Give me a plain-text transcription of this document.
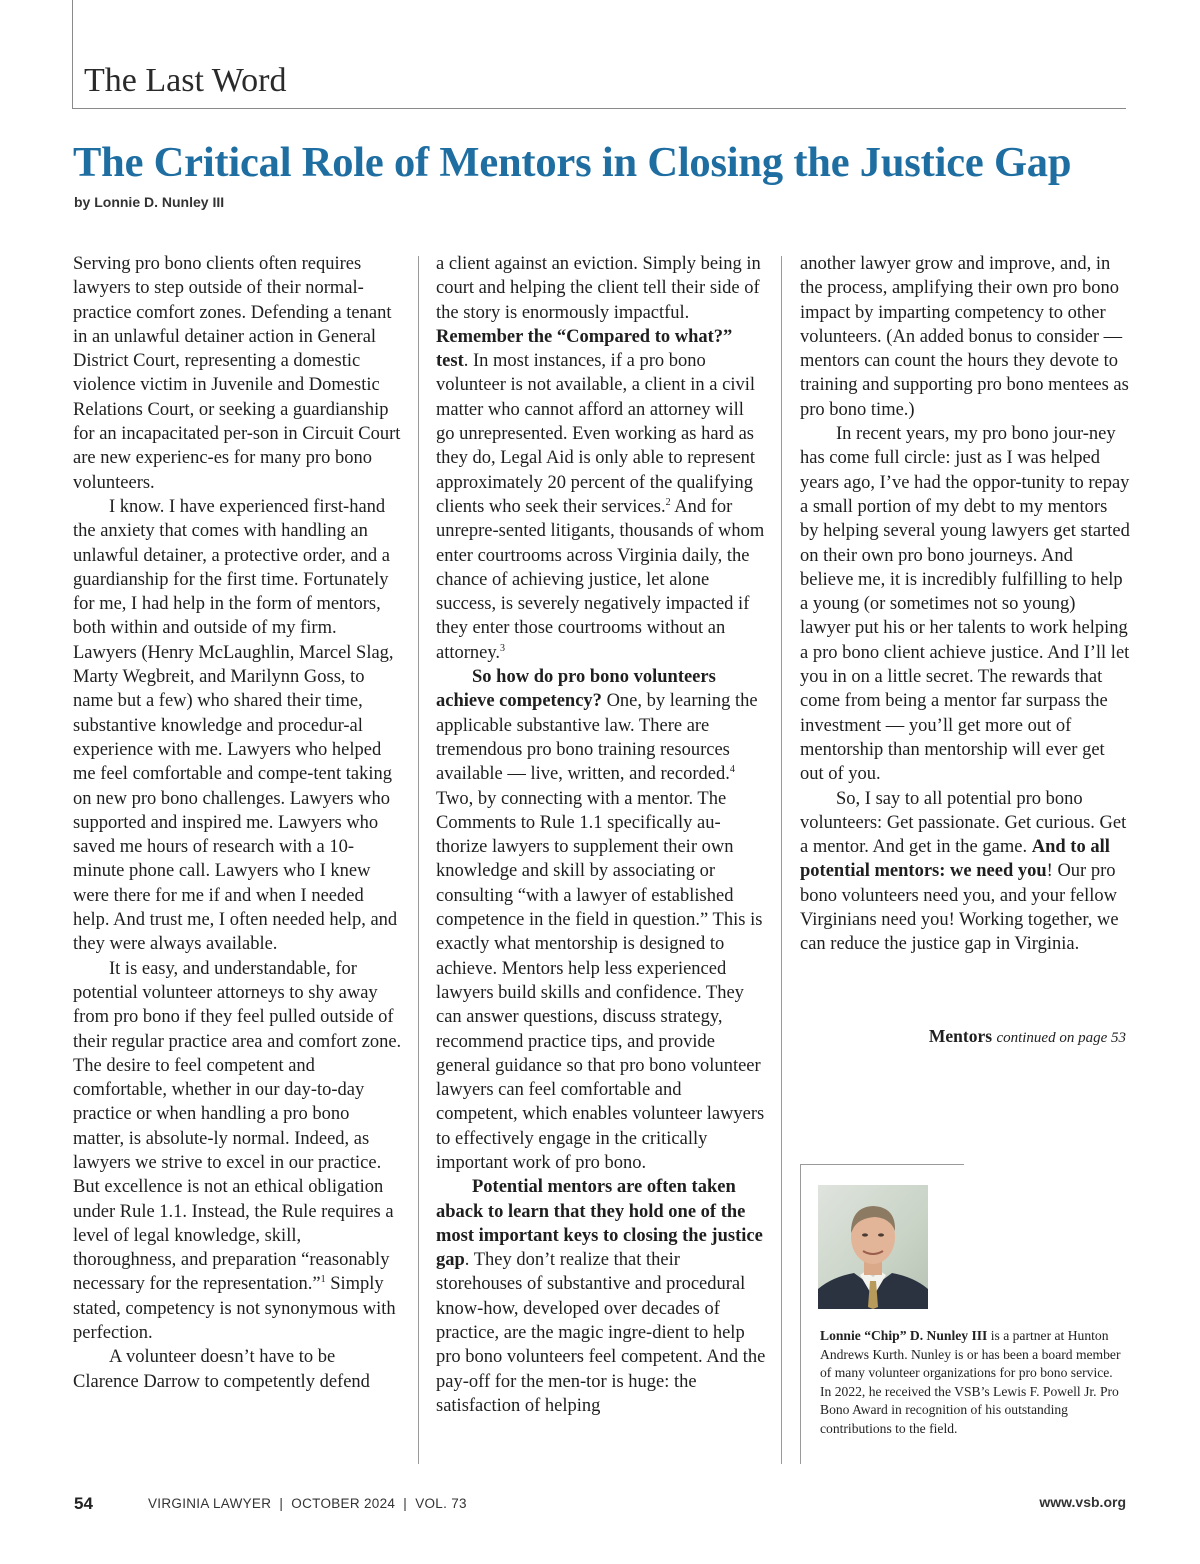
The Last Word
The Critical Role of Mentors in Closing the Justice Gap
by Lonnie D. Nunley III

Serving pro bono clients often requires lawyers to step outside of their normal-practice comfort zones. Defending a tenant in an unlawful detainer action in General District Court, representing a domestic violence victim in Juvenile and Domestic Relations Court, or seeking a guardianship for an incapacitated per-son in Circuit Court are new experienc-es for many pro bono volunteers.

I know. I have experienced first-hand the anxiety that comes with handling an unlawful detainer, a protective order, and a guardianship for the first time. Fortunately for me, I had help in the form of mentors, both within and outside of my firm. Lawyers (Henry McLaughlin, Marcel Slag, Marty Wegbreit, and Marilynn Goss, to name but a few) who shared their time, substantive knowledge and procedur-al experience with me. Lawyers who helped me feel comfortable and compe-tent taking on new pro bono challenges. Lawyers who supported and inspired me. Lawyers who saved me hours of research with a 10-minute phone call. Lawyers who I knew were there for me if and when I needed help. And trust me, I often needed help, and they were always available.

It is easy, and understandable, for potential volunteer attorneys to shy away from pro bono if they feel pulled outside of their regular practice area and comfort zone. The desire to feel competent and comfortable, whether in our day-to-day practice or when handling a pro bono matter, is absolute-ly normal. Indeed, as lawyers we strive to excel in our practice. But excellence is not an ethical obligation under Rule 1.1. Instead, the Rule requires a level of legal knowledge, skill, thoroughness, and preparation “reasonably necessary for the representation.”$^1$ Simply stated, competency is not synonymous with perfection.

A volunteer doesn’t have to be Clarence Darrow to competently defend

a client against an eviction. Simply being in court and helping the client tell their side of the story is enormously impactful. Remember the “Compared to what?” test. In most instances, if a pro bono volunteer is not available, a client in a civil matter who cannot afford an attorney will go unrepresented. Even working as hard as they do, Legal Aid is only able to represent approximately 20 percent of the qualifying clients who seek their services.$^2$ And for unrepre-sented litigants, thousands of whom enter courtrooms across Virginia daily, the chance of achieving justice, let alone success, is severely negatively impacted if they enter those courtrooms without an attorney.$^3$

So how do pro bono volunteers achieve competency? One, by learning the applicable substantive law. There are tremendous pro bono training resources available — live, written, and recorded.$^4$ Two, by connecting with a mentor. The Comments to Rule 1.1 specifically au-thorize lawyers to supplement their own knowledge and skill by associating or consulting “with a lawyer of established competence in the field in question.” This is exactly what mentorship is designed to achieve. Mentors help less experienced lawyers build skills and confidence. They can answer questions, discuss strategy, recommend practice tips, and provide general guidance so that pro bono volunteer lawyers can feel comfortable and competent, which enables volunteer lawyers to effectively engage in the critically important work of pro bono.

Potential mentors are often taken aback to learn that they hold one of the most important keys to closing the justice gap. They don’t realize that their storehouses of substantive and procedural know-how, developed over decades of practice, are the magic ingre-dient to help pro bono volunteers feel competent. And the pay-off for the men-tor is huge: the satisfaction of helping

another lawyer grow and improve, and, in the process, amplifying their own pro bono impact by imparting competency to other volunteers. (An added bonus to consider — mentors can count the hours they devote to training and supporting pro bono mentees as pro bono time.)

In recent years, my pro bono jour-ney has come full circle: just as I was helped years ago, I’ve had the oppor-tunity to repay a small portion of my debt to my mentors by helping several young lawyers get started on their own pro bono journeys. And believe me, it is incredibly fulfilling to help a young (or sometimes not so young) lawyer put his or her talents to work helping a pro bono client achieve justice. And I’ll let you in on a little secret. The rewards that come from being a mentor far surpass the investment — you’ll get more out of mentorship than mentorship will ever get out of you.

So, I say to all potential pro bono volunteers: Get passionate. Get curious. Get a mentor. And get in the game. And to all potential mentors: we need you! Our pro bono volunteers need you, and your fellow Virginians need you! Working together, we can reduce the justice gap in Virginia.

Mentors continued on page 53
Lonnie “Chip” D. Nunley III is a partner at Hunton Andrews Kurth. Nunley is or has been a board member of many volunteer organizations for pro bono service. In 2022, he received the VSB’s Lewis F. Powell Jr. Pro Bono Award in recognition of his outstanding contributions to the field.
54	VIRGINIA LAWYER  |  OCTOBER 2024  |  VOL. 73	www.vsb.org
